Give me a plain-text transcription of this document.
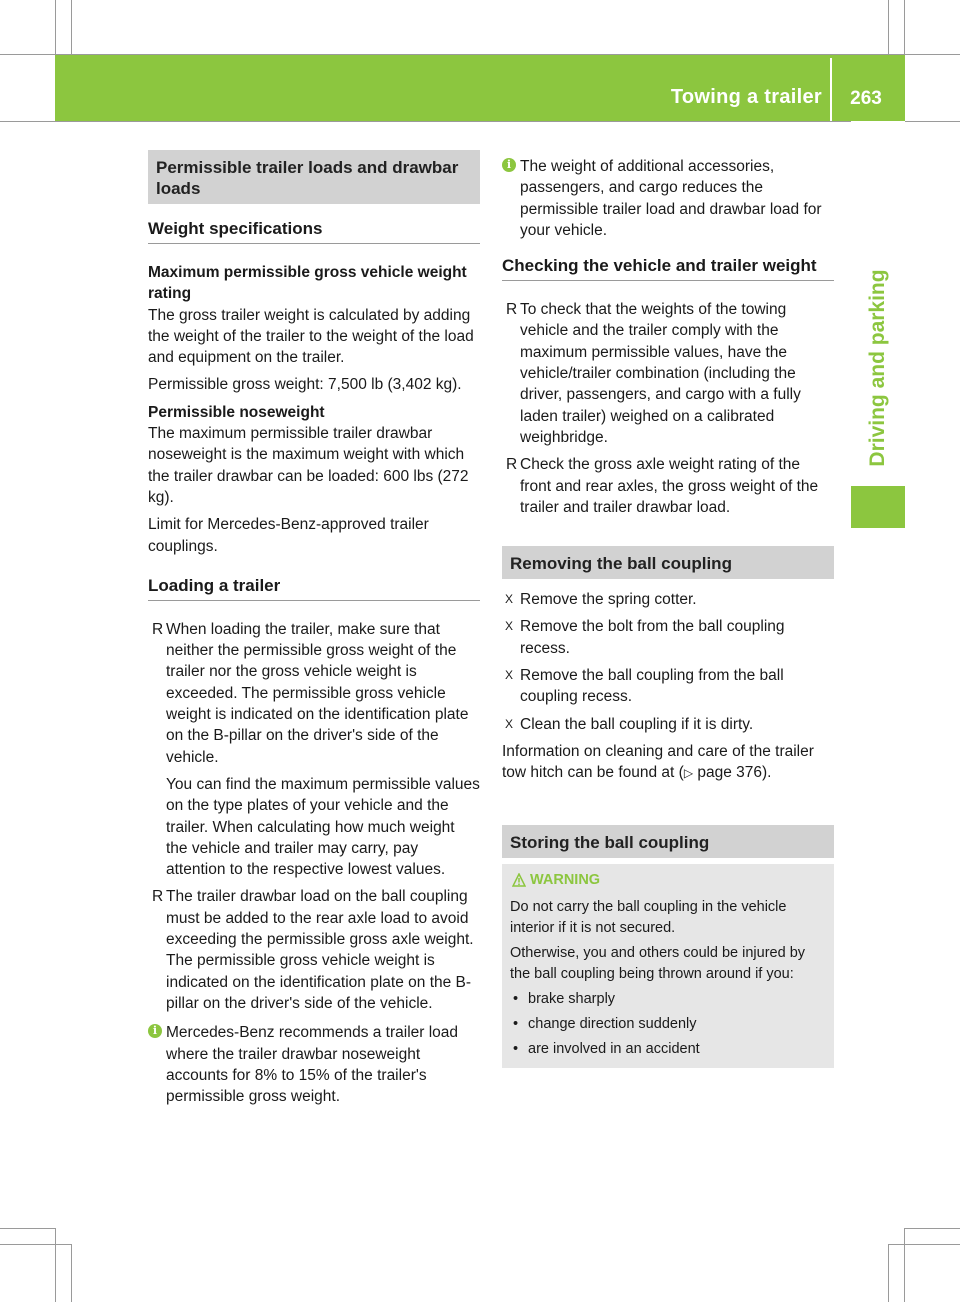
Towing a trailer	263
Driving and parking
Permissible trailer loads and drawbar loads
Weight specifications
Maximum permissible gross vehicle weight rating

The gross trailer weight is calculated by adding the weight of the trailer to the weight of the load and equipment on the trailer.

Permissible gross weight: 7,500 lb (3,402 kg).

Permissible noseweight

The maximum permissible trailer drawbar noseweight is the maximum weight with which the trailer drawbar can be loaded: 600 lbs (272 kg).

Limit for Mercedes-Benz-approved trailer couplings.

Loading a trailer
R When loading the trailer, make sure that neither the permissible gross weight of the trailer nor the gross vehicle weight is exceeded. The permissible gross vehicle weight is indicated on the identification plate on the B-pillar on the driver's side of the vehicle.

You can find the maximum permissible values on the type plates of your vehicle and the trailer. When calculating how much weight the vehicle and trailer may carry, pay attention to the respective lowest values.

R The trailer drawbar load on the ball coupling must be added to the rear axle load to avoid exceeding the permissible gross axle weight. The permissible gross vehicle weight is indicated on the identification plate on the B-pillar on the driver's side of the vehicle.
i Mercedes-Benz recommends a trailer load where the trailer drawbar noseweight accounts for 8% to 15% of the trailer's permissible gross weight.
i The weight of additional accessories, passengers, and cargo reduces the permissible trailer load and drawbar load for your vehicle.
Checking the vehicle and trailer weight
R To check that the weights of the towing vehicle and the trailer comply with the maximum permissible values, have the vehicle/trailer combination (including the driver, passengers, and cargo with a fully laden trailer) weighed on a calibrated weighbridge.
R Check the gross axle weight rating of the front and rear axles, the gross weight of the trailer and trailer drawbar load.
Removing the ball coupling
X Remove the spring cotter.
X Remove the bolt from the ball coupling recess.
X Remove the ball coupling from the ball coupling recess.
X Clean the ball coupling if it is dirty.

Information on cleaning and care of the trailer tow hitch can be found at (▷ page 376).

Storing the ball coupling
WARNING

Do not carry the ball coupling in the vehicle interior if it is not secured.

Otherwise, you and others could be injured by the ball coupling being thrown around if you:

• brake sharply
• change direction suddenly
• are involved in an accident
